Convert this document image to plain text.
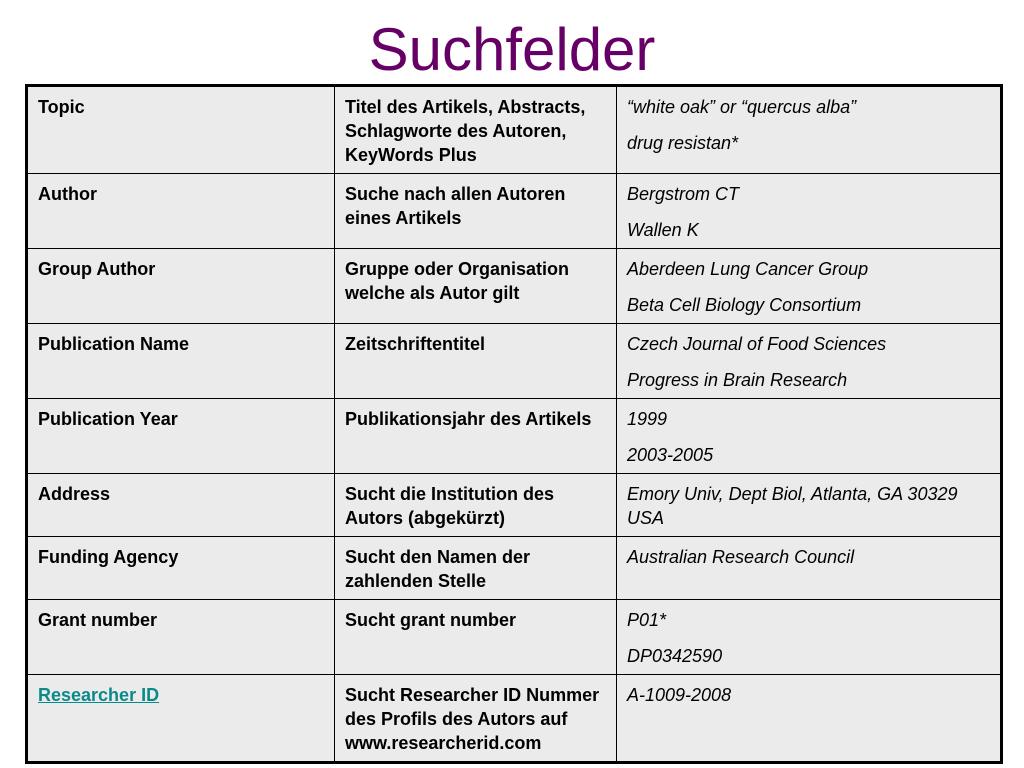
Suchfelder
Topic	Titel des Artikels, Abstracts, Schlagworte des Autoren, KeyWords Plus	“white oak” or “quercus alba”
drug resistan*

Author	Suche nach allen Autoren eines Artikels	Bergstrom CT
Wallen K

Group Author	Gruppe oder Organisation welche als Autor gilt	Aberdeen Lung Cancer Group
Beta Cell Biology Consortium

Publication Name	Zeitschriftentitel	Czech Journal of Food Sciences
Progress in Brain Research

Publication Year	Publikationsjahr des Artikels	1999
2003-2005

Address	Sucht die Institution des Autors (abgekürzt)	Emory Univ, Dept Biol, Atlanta, GA 30329 USA

Funding Agency	Sucht den Namen der zahlenden Stelle	Australian Research Council

Grant number	Sucht grant number	P01*
DP0342590

Researcher ID	Sucht Researcher ID Nummer des Profils des Autors auf www.researcherid.com	A-1009-2008
